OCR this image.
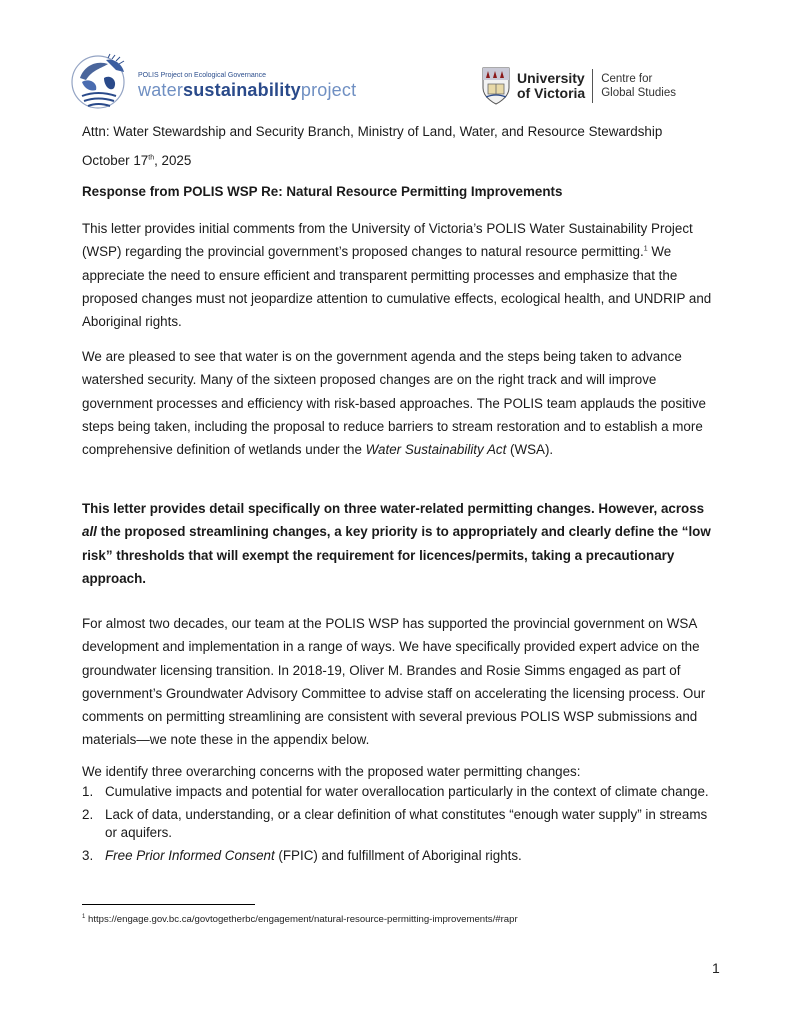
POLIS Project on Ecological Governance
watersustainabilityproject
University
of Victoria
Centre for
Global Studies
Attn: Water Stewardship and Security Branch, Ministry of Land, Water, and Resource Stewardship
October 17th, 2025
Response from POLIS WSP Re: Natural Resource Permitting Improvements
This letter provides initial comments from the University of Victoria’s POLIS Water Sustainability Project (WSP) regarding the provincial government’s proposed changes to natural resource permitting.$^1$ We appreciate the need to ensure efficient and transparent permitting processes and emphasize that the proposed changes must not jeopardize attention to cumulative effects, ecological health, and UNDRIP and Aboriginal rights.
We are pleased to see that water is on the government agenda and the steps being taken to advance watershed security. Many of the sixteen proposed changes are on the right track and will improve government processes and efficiency with risk-based approaches. The POLIS team applauds the positive steps being taken, including the proposal to reduce barriers to stream restoration and to establish a more comprehensive definition of wetlands under the Water Sustainability Act (WSA).
This letter provides detail specifically on three water-related permitting changes. However, across all the proposed streamlining changes, a key priority is to appropriately and clearly define the “low risk” thresholds that will exempt the requirement for licences/permits, taking a precautionary approach.
For almost two decades, our team at the POLIS WSP has supported the provincial government on WSA development and implementation in a range of ways. We have specifically provided expert advice on the groundwater licensing transition. In 2018-19, Oliver M. Brandes and Rosie Simms engaged as part of government’s Groundwater Advisory Committee to advise staff on accelerating the licensing process. Our comments on permitting streamlining are consistent with several previous POLIS WSP submissions and materials—we note these in the appendix below.
We identify three overarching concerns with the proposed water permitting changes:
1. Cumulative impacts and potential for water overallocation particularly in the context of climate change.
2. Lack of data, understanding, or a clear definition of what constitutes “enough water supply” in streams or aquifers.
3. Free Prior Informed Consent (FPIC) and fulfillment of Aboriginal rights.
$^1$ https://engage.gov.bc.ca/govtogetherbc/engagement/natural-resource-permitting-improvements/#rapr
1
